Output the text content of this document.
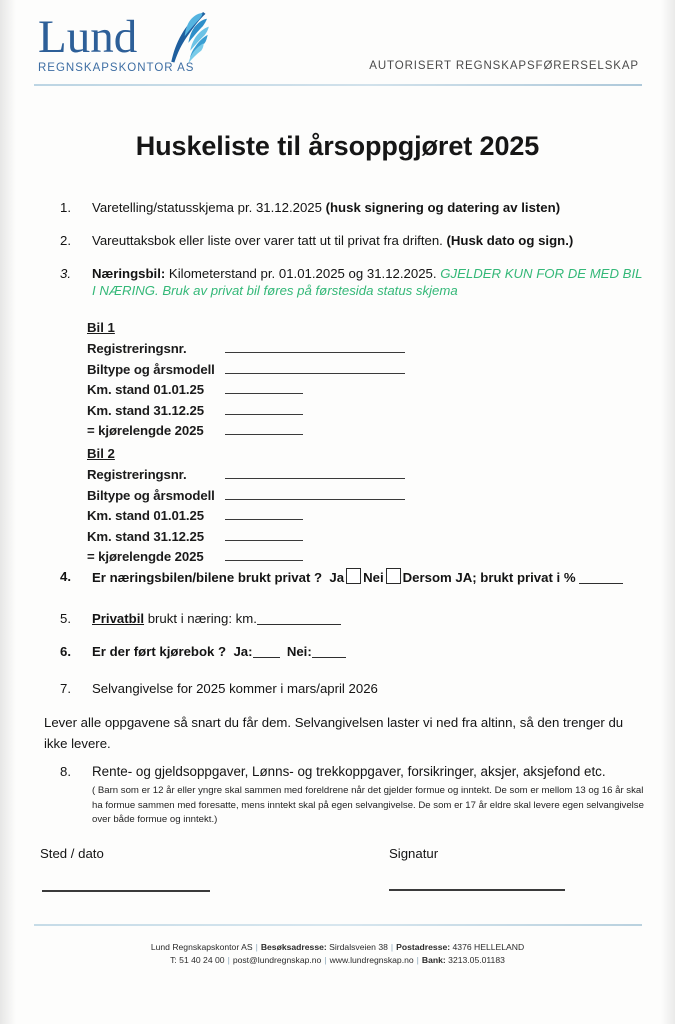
Lund
REGNSKAPSKONTOR AS	AUTORISERT REGNSKAPSFØRERSELSKAP
Huskeliste til årsoppgjøret 2025
1.	Varetelling/statusskjema pr. 31.12.2025 (husk signering og datering av listen)
2.	Vareuttaksbok eller liste over varer tatt ut til privat fra driften. (Husk dato og sign.)
3.	Næringsbil: Kilometerstand pr. 01.01.2025 og 31.12.2025. GJELDER KUN FOR DE MED BIL I NÆRING. Bruk av privat bil føres på førstesida status skjema
Bil 1
Registreringsnr.
Biltype og årsmodell
Km. stand 01.01.25
Km. stand 31.12.25
= kjørelengde 2025
Bil 2
Registreringsnr.
Biltype og årsmodell
Km. stand 01.01.25
Km. stand 31.12.25
= kjørelengde 2025
4.	Er næringsbilen/bilene brukt privat ? Ja Nei Dersom JA; brukt privat i %
5.	Privatbil brukt i næring: km.
6.	Er der ført kjørebok ? Ja:	Nei:
7.	Selvangivelse for 2025 kommer i mars/april 2026
Lever alle oppgavene så snart du får dem. Selvangivelsen laster vi ned fra altinn, så den trenger du ikke levere.
8.	Rente- og gjeldsoppgaver, Lønns- og trekkoppgaver, forsikringer, aksjer, aksjefond etc.
( Barn som er 12 år eller yngre skal sammen med foreldrene når det gjelder formue og inntekt. De som er mellom 13 og 16 år skal ha formue sammen med foresatte, mens inntekt skal på egen selvangivelse. De som er 17 år eldre skal levere egen selvangivelse over både formue og inntekt.)
Sted / dato	Signatur
Lund Regnskapskontor AS | Besøksadresse: Sirdalsveien 38 | Postadresse: 4376 HELLELAND
T: 51 40 24 00 | post@lundregnskap.no | www.lundregnskap.no | Bank: 3213.05.01183
